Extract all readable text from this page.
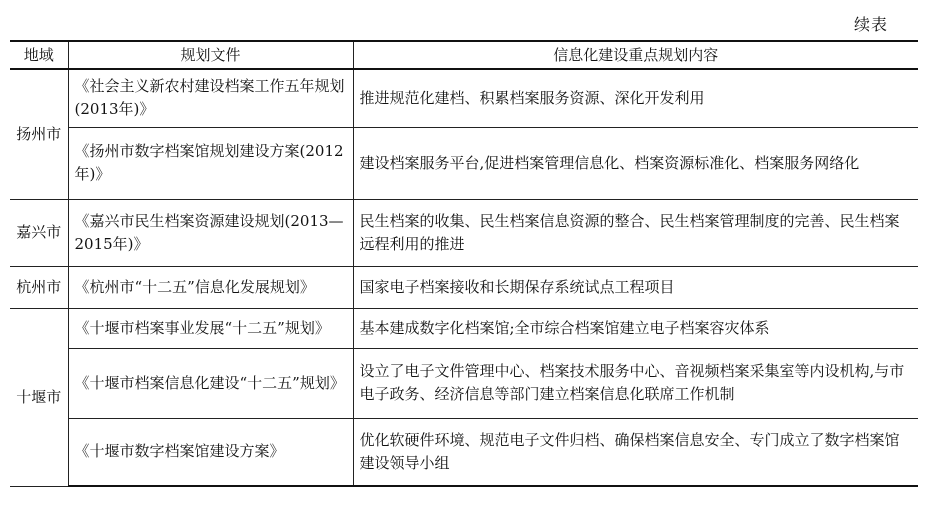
续表
地域	规划文件	信息化建设重点规划内容
扬州市	《社会主义新农村建设档案工作五年规划(2013年)》	推进规范化建档、积累档案服务资源、深化开发利用
	《扬州市数字档案馆规划建设方案(2012年)》	建设档案服务平台,促进档案管理信息化、档案资源标准化、档案服务网络化
嘉兴市	《嘉兴市民生档案资源建设规划(2013—2015年)》	民生档案的收集、民生档案信息资源的整合、民生档案管理制度的完善、民生档案远程利用的推进
杭州市	《杭州市“十二五”信息化发展规划》	国家电子档案接收和长期保存系统试点工程项目
十堰市	《十堰市档案事业发展“十二五”规划》	基本建成数字化档案馆;全市综合档案馆建立电子档案容灾体系
	《十堰市档案信息化建设“十二五”规划》	设立了电子文件管理中心、档案技术服务中心、音视频档案采集室等内设机构,与市电子政务、经济信息等部门建立档案信息化联席工作机制
	《十堰市数字档案馆建设方案》	优化软硬件环境、规范电子文件归档、确保档案信息安全、专门成立了数字档案馆建设领导小组
